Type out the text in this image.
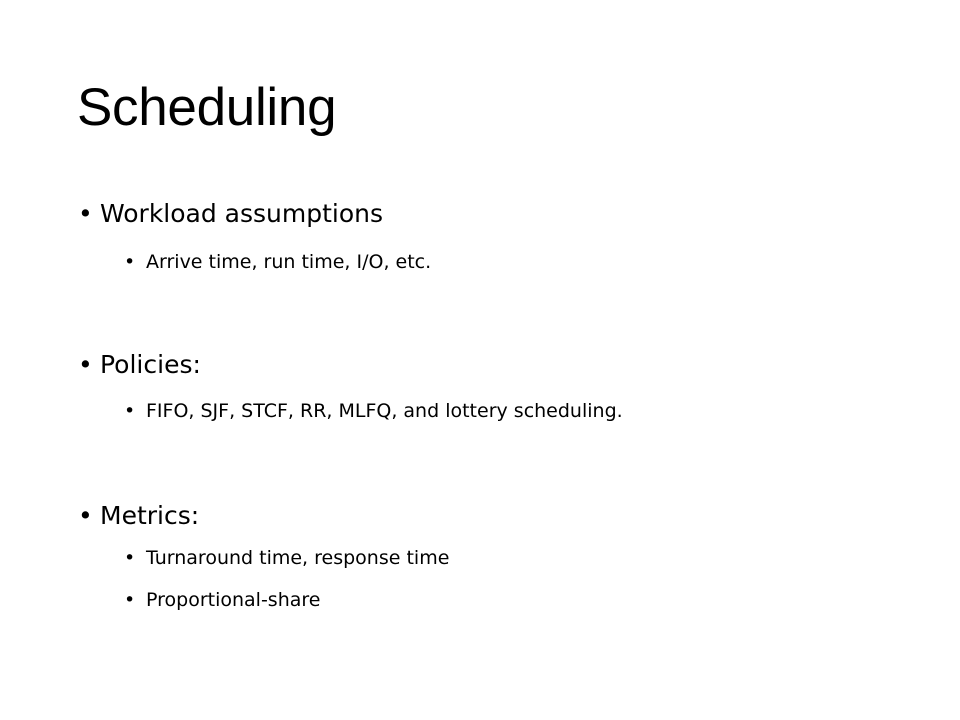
Scheduling

• Workload assumptions

• Arrive time, run time, I/O, etc.

• Policies:

• FIFO, SJF, STCF, RR, MLFQ, and lottery scheduling.

• Metrics:

• Turnaround time, response time

• Proportional-share
